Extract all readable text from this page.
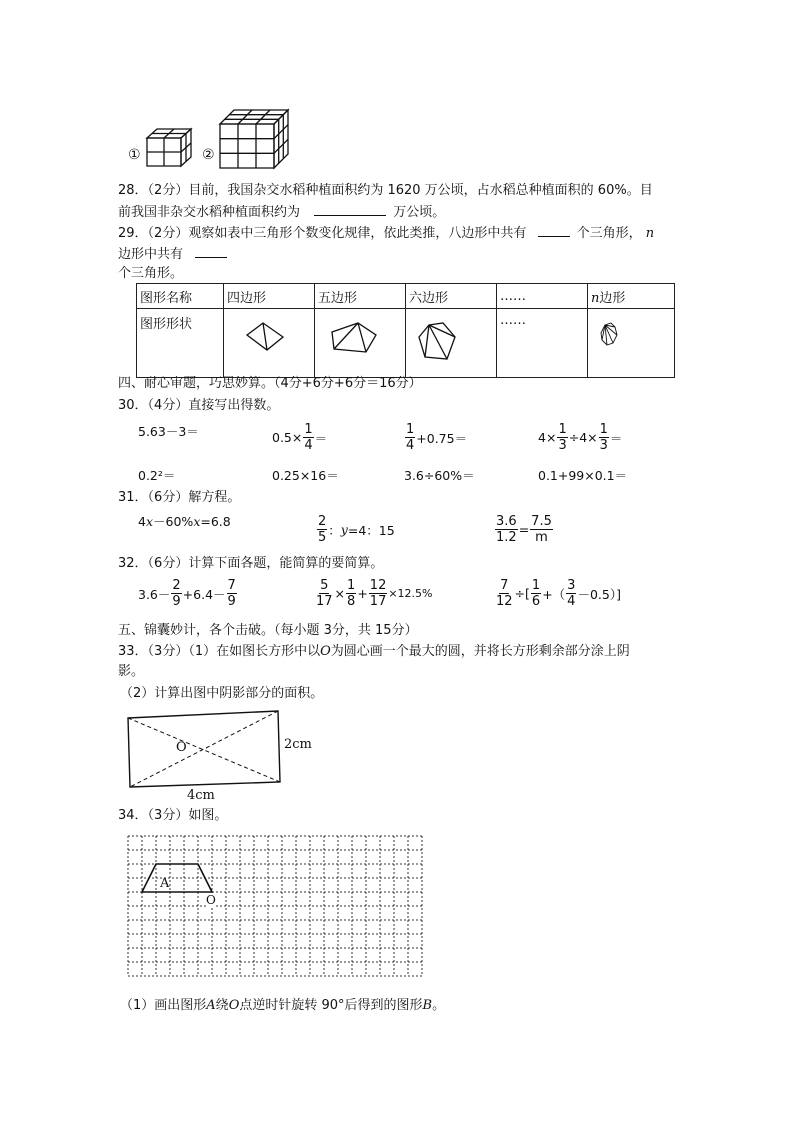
①	②
28．（2分）目前，我国杂交水稻种植面积约为 1620 万公顷，占水稻总种植面积的 60%。目
前我国非杂交水稻种植面积约为	万公顷。
29．（2分）观察如表中三角形个数变化规律，依此类推，八边形中共有	个三角形， n
边形中共有
个三角形。
图形名称	四边形	五边形	六边形	……	n边形
图形形状				……	
四、耐心审题，巧思妙算。（4分+6分+6分＝16分）
30．（4分）直接写出得数。
5.63－3＝	$0.5\times \frac{1}{4}$ ＝	$\frac{1}{4} +0.75=$	$4\times \frac{1}{3} \div 4\times \frac{1}{3}$ ＝
0.2²＝	0.25×16＝	3.6÷60%＝	0.1+99×0.1＝
31．（6分）解方程。
4 x －60% x =6.8	$\frac{2}{5}$ ： y =4：15	$\frac{3.6}{1.2} = \frac{7.5}{m}$
32．（6分）计算下面各题，能简算的要简算。
$3.6- \frac{2}{9} +6.4- \frac{7}{9}$	$\frac{5}{17} \times \frac{1}{8} + \frac{12}{17} \times 12.5\%$	$\frac{7}{12}$ ÷[ $\frac{1}{6}$ +（ $\frac{3}{4} -0.5$）]
五、锦囊妙计，各个击破。（每小题 3分，共 15分）
33．（3分）（1）在如图长方形中以O为圆心画一个最大的圆，并将长方形剩余部分涂上阴
影。
（2）计算出图中阴影部分的面积。
O	2cm
4cm
34．（3分）如图。
A
O
（1）画出图形A绕O点逆时针旋转 90°后得到的图形B。
